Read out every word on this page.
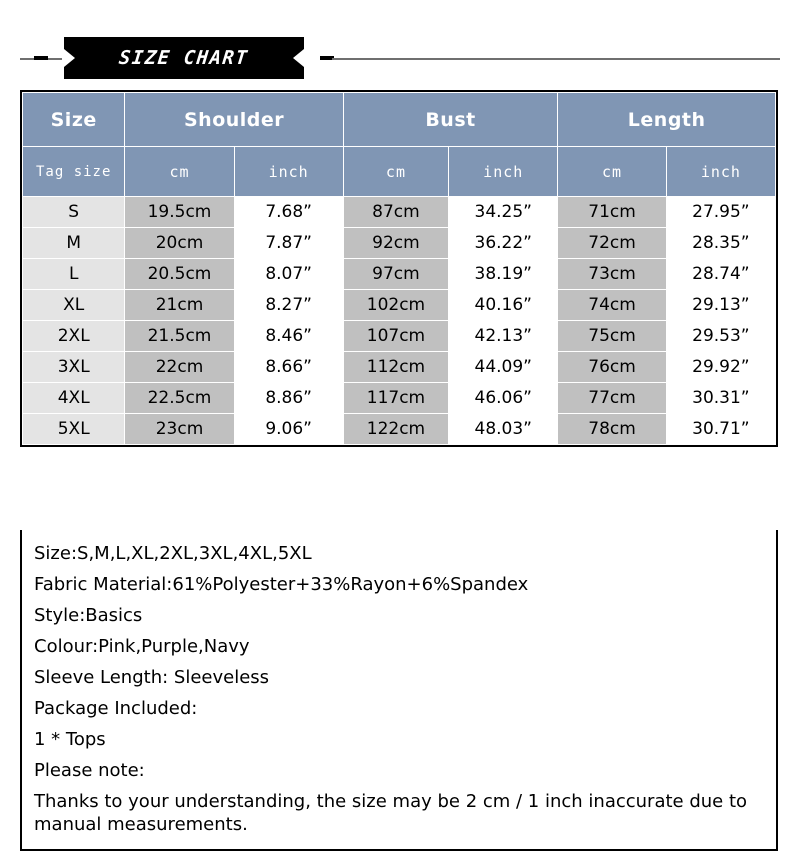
SIZE CHART
Size	Shoulder		Bust		Length	
Tag size	cm	inch	cm	inch	cm	inch
S	19.5cm	7.68”	87cm	34.25”	71cm	27.95”
M	20cm	7.87”	92cm	36.22”	72cm	28.35”
L	20.5cm	8.07”	97cm	38.19”	73cm	28.74”
XL	21cm	8.27”	102cm	40.16”	74cm	29.13”
2XL	21.5cm	8.46”	107cm	42.13”	75cm	29.53”
3XL	22cm	8.66”	112cm	44.09”	76cm	29.92”
4XL	22.5cm	8.86”	117cm	46.06”	77cm	30.31”
5XL	23cm	9.06”	122cm	48.03”	78cm	30.71”

Size:S,M,L,XL,2XL,3XL,4XL,5XL

Fabric Material:61%Polyester+33%Rayon+6%Spandex

Style:Basics

Colour:Pink,Purple,Navy

Sleeve Length: Sleeveless

Package Included:

1 * Tops

Please note:

Thanks to your understanding, the size may be 2 cm / 1 inch inaccurate due to manual measurements.
